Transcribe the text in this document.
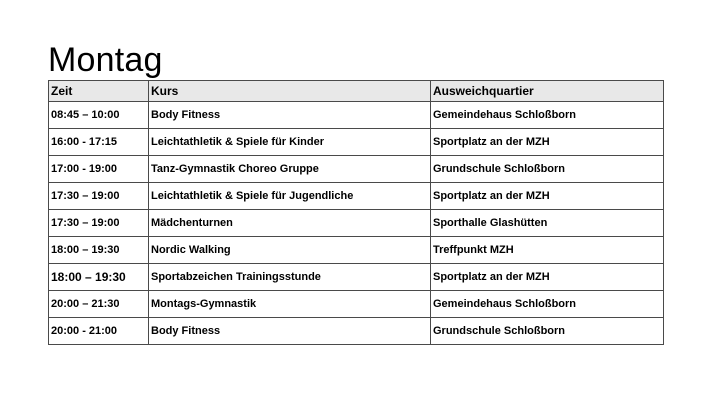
Montag
Zeit	Kurs	Ausweichquartier
08:45 – 10:00	Body Fitness	Gemeindehaus Schloßborn
16:00 - 17:15	Leichtathletik & Spiele für Kinder	Sportplatz an der MZH
17:00 - 19:00	Tanz-Gymnastik Choreo Gruppe	Grundschule Schloßborn
17:30 – 19:00	Leichtathletik & Spiele für Jugendliche	Sportplatz an der MZH
17:30 – 19:00	Mädchenturnen	Sporthalle Glashütten
18:00 – 19:30	Nordic Walking	Treffpunkt MZH
18:00 – 19:30	Sportabzeichen Trainingsstunde	Sportplatz an der MZH
20:00 – 21:30	Montags-Gymnastik	Gemeindehaus Schloßborn
20:00 - 21:00	Body Fitness	Grundschule Schloßborn
